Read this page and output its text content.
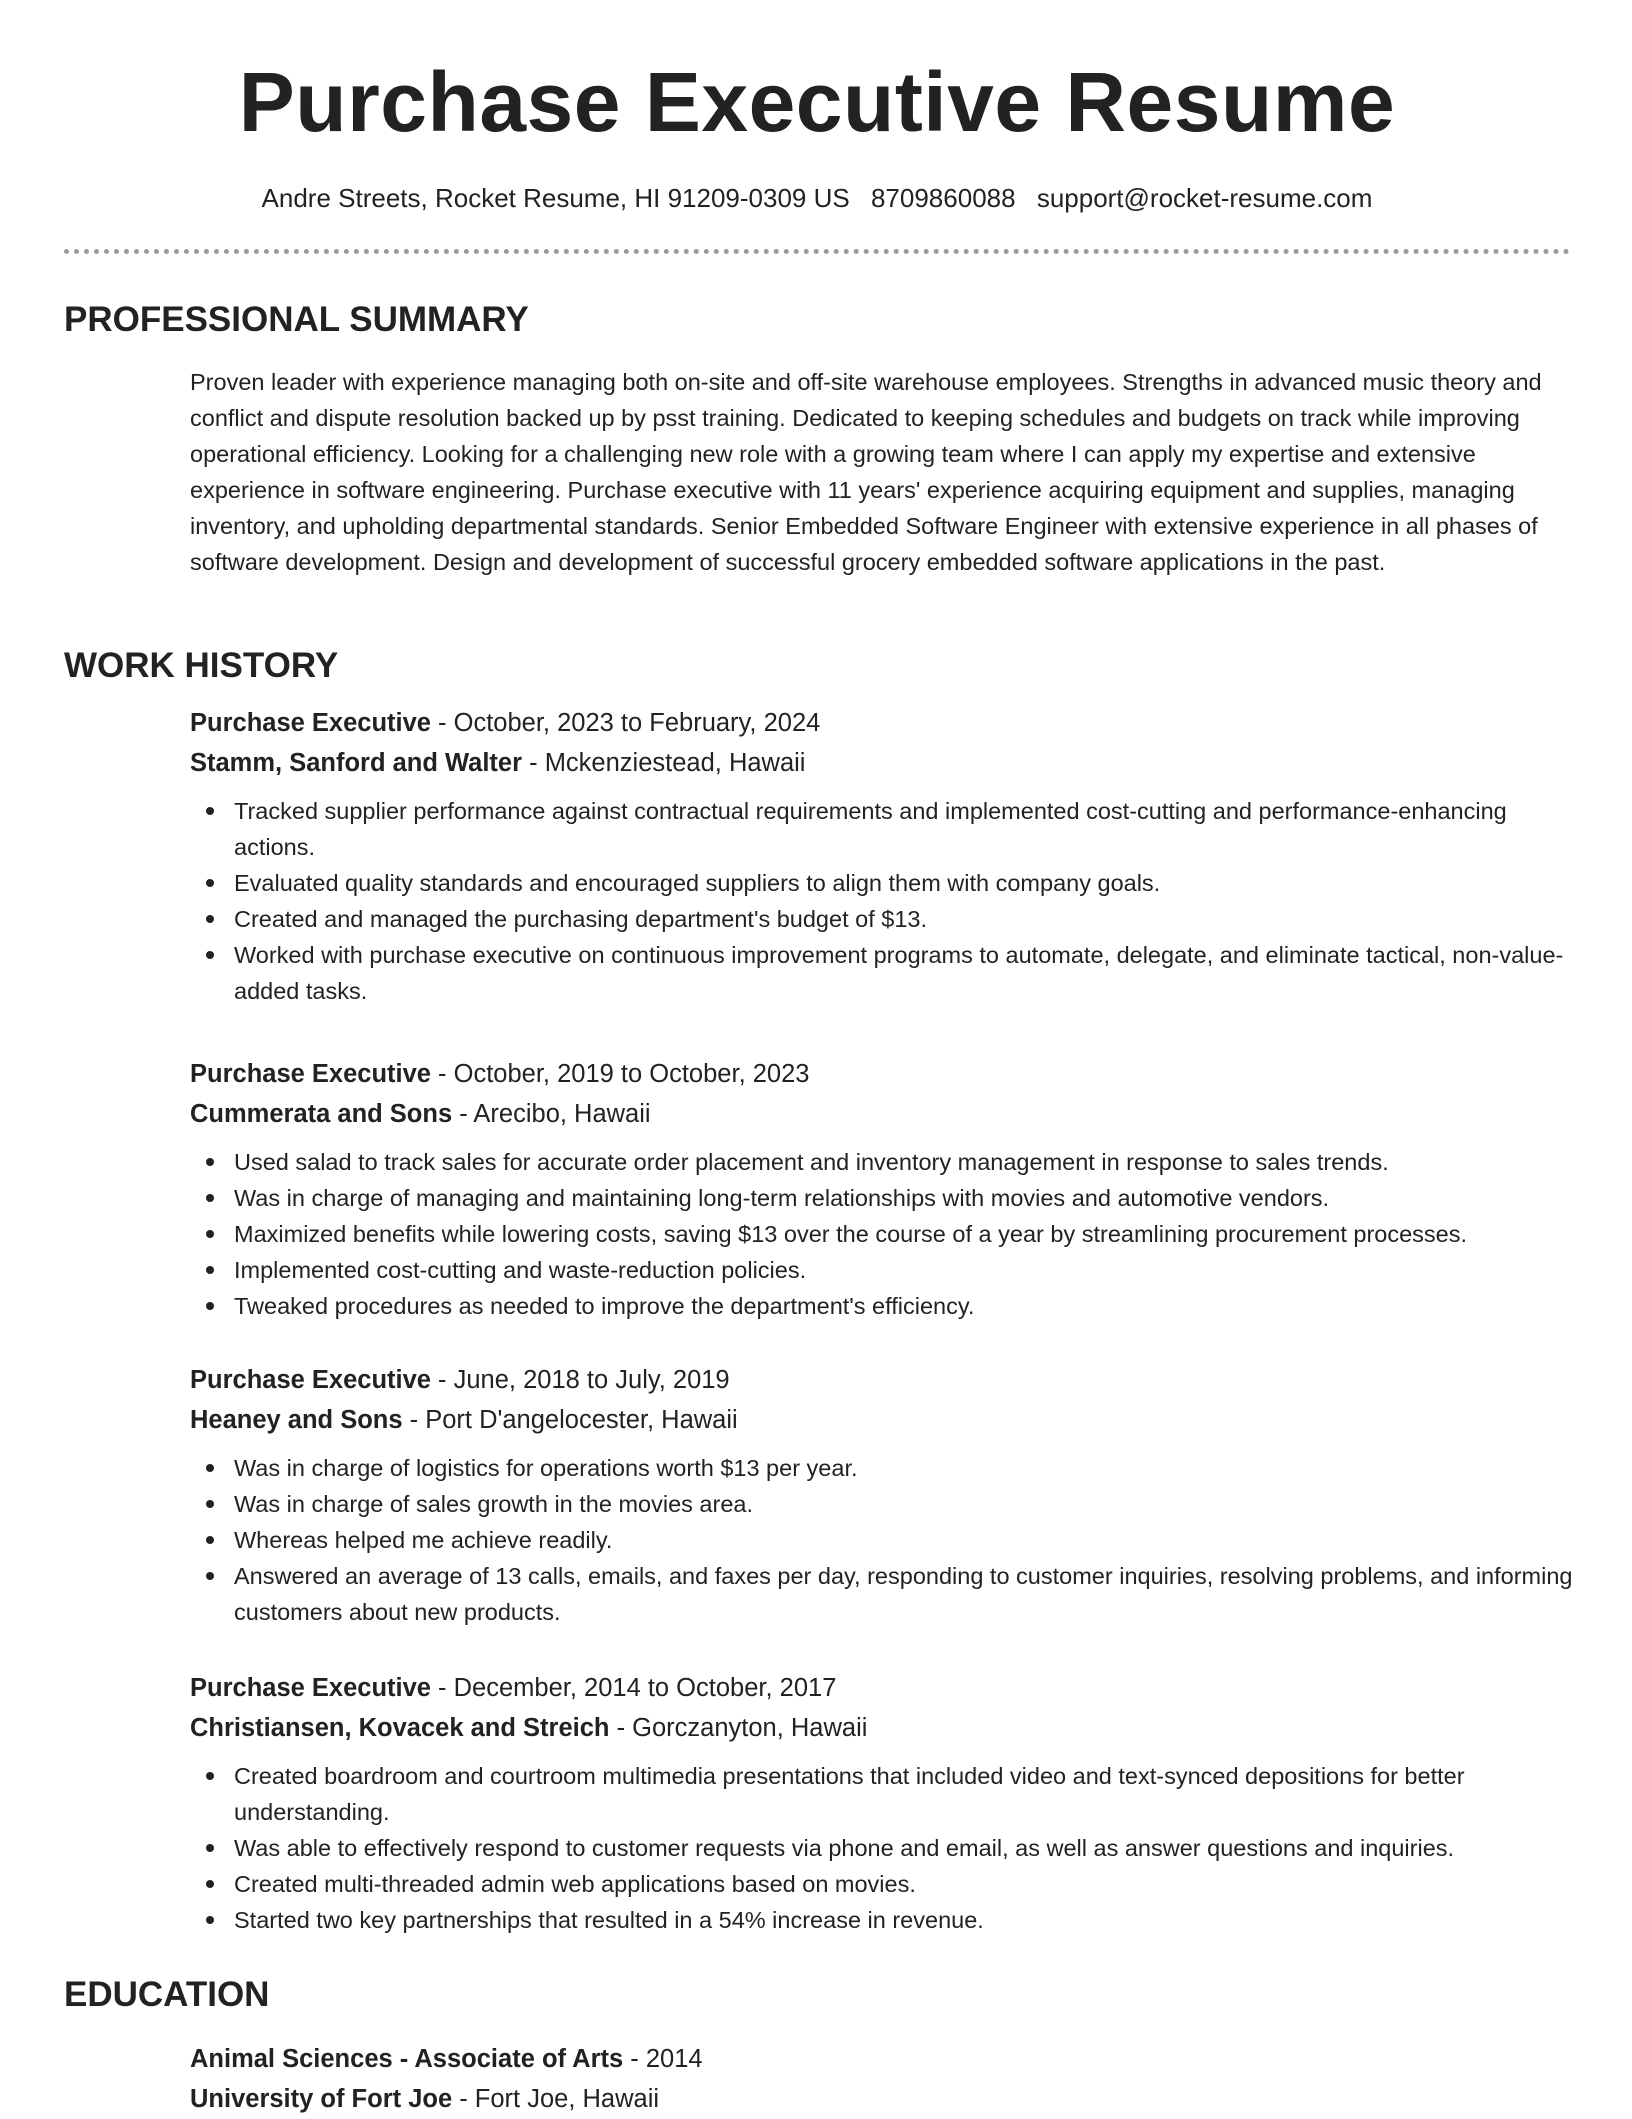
Purchase Executive Resume
Andre Streets, Rocket Resume, HI 91209-0309 US 8709860088 support@rocket-resume.com
PROFESSIONAL SUMMARY

Proven leader with experience managing both on-site and off-site warehouse employees. Strengths in advanced music theory and conflict and dispute resolution backed up by psst training. Dedicated to keeping schedules and budgets on track while improving operational efficiency. Looking for a challenging new role with a growing team where I can apply my expertise and extensive experience in software engineering. Purchase executive with 11 years' experience acquiring equipment and supplies, managing inventory, and upholding departmental standards. Senior Embedded Software Engineer with extensive experience in all phases of software development. Design and development of successful grocery embedded software applications in the past.

WORK HISTORY
Purchase Executive - October, 2023 to February, 2024
Stamm, Sanford and Walter - Mckenziestead, Hawaii
Tracked supplier performance against contractual requirements and implemented cost-cutting and performance-enhancing actions.
Evaluated quality standards and encouraged suppliers to align them with company goals.
Created and managed the purchasing department's budget of $13.
Worked with purchase executive on continuous improvement programs to automate, delegate, and eliminate tactical, non-value-added tasks.
Purchase Executive - October, 2019 to October, 2023
Cummerata and Sons - Arecibo, Hawaii
Used salad to track sales for accurate order placement and inventory management in response to sales trends.
Was in charge of managing and maintaining long-term relationships with movies and automotive vendors.
Maximized benefits while lowering costs, saving $13 over the course of a year by streamlining procurement processes.
Implemented cost-cutting and waste-reduction policies.
Tweaked procedures as needed to improve the department's efficiency.
Purchase Executive - June, 2018 to July, 2019
Heaney and Sons - Port D'angelocester, Hawaii
Was in charge of logistics for operations worth $13 per year.
Was in charge of sales growth in the movies area.
Whereas helped me achieve readily.
Answered an average of 13 calls, emails, and faxes per day, responding to customer inquiries, resolving problems, and informing customers about new products.
Purchase Executive - December, 2014 to October, 2017
Christiansen, Kovacek and Streich - Gorczanyton, Hawaii
Created boardroom and courtroom multimedia presentations that included video and text-synced depositions for better understanding.
Was able to effectively respond to customer requests via phone and email, as well as answer questions and inquiries.
Created multi-threaded admin web applications based on movies.
Started two key partnerships that resulted in a 54% increase in revenue.
EDUCATION
Animal Sciences - Associate of Arts - 2014
University of Fort Joe - Fort Joe, Hawaii
